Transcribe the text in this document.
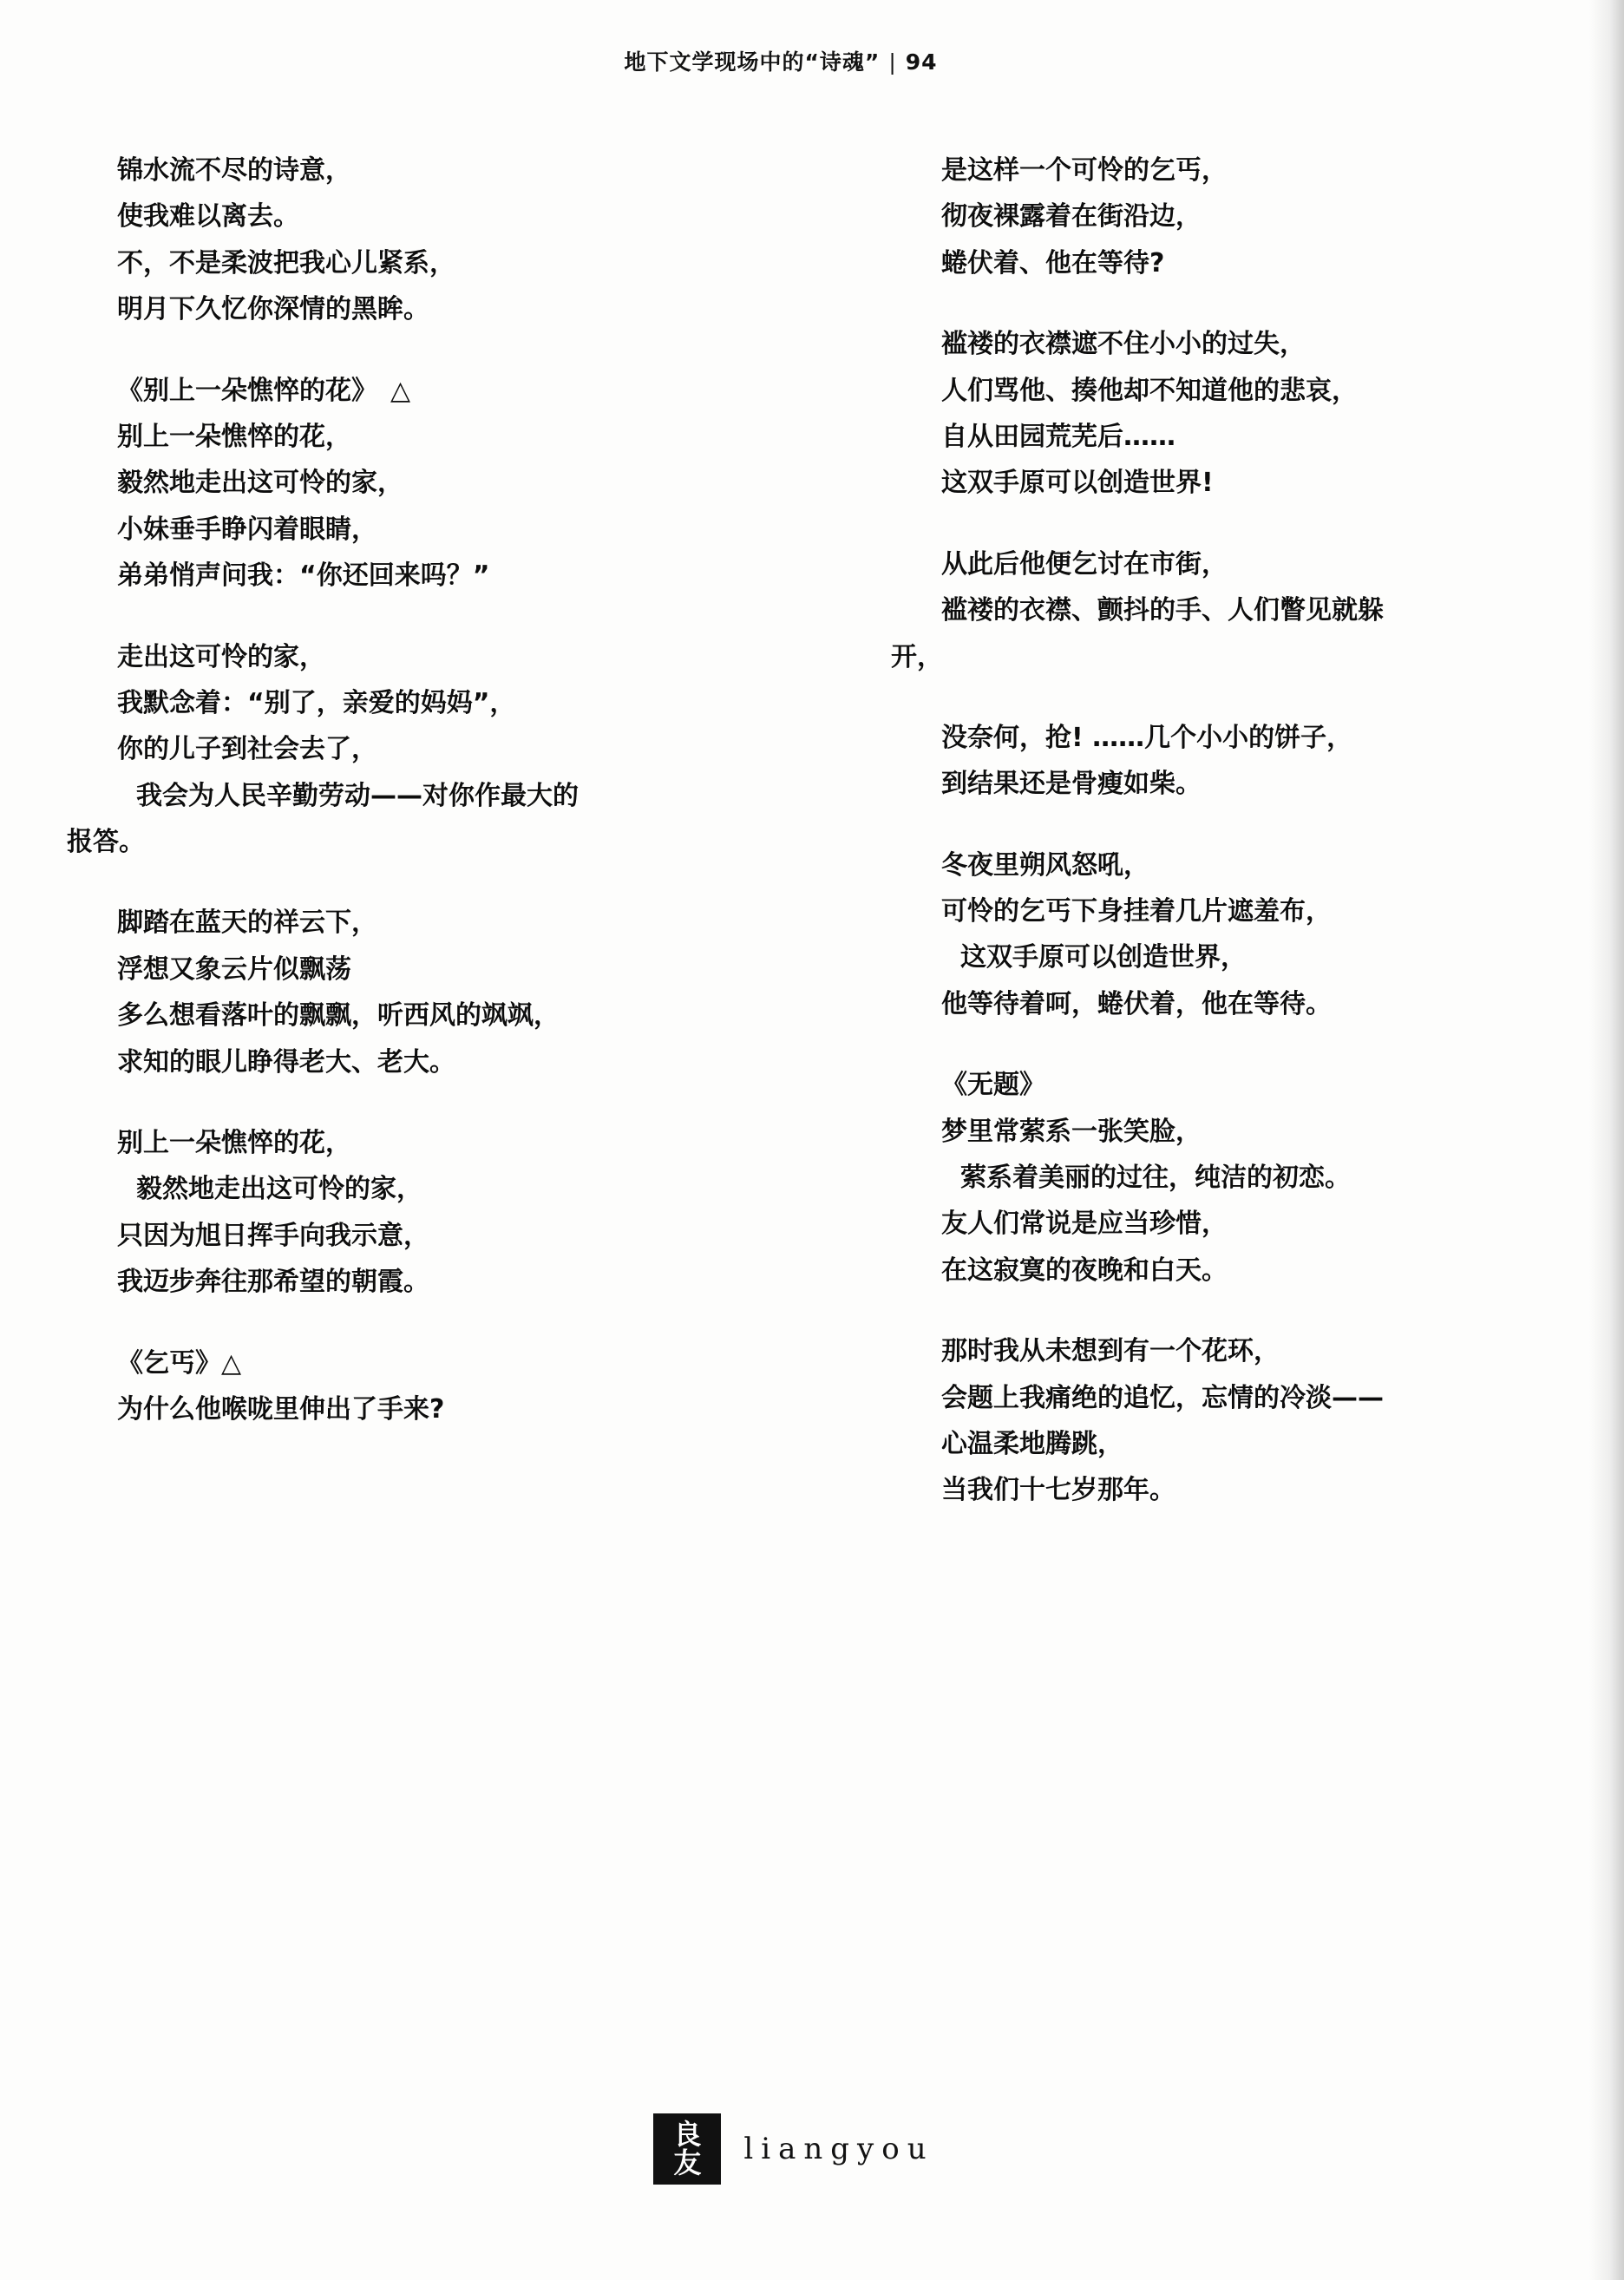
地下文学现场中的“诗魂” | 94
锦水流不尽的诗意，
使我难以离去。
不，不是柔波把我心儿紧系，
明月下久忆你深情的黑眸。
《别上一朵憔悴的花》　△
别上一朵憔悴的花，
毅然地走出这可怜的家，
小妹垂手睁闪着眼睛，
弟弟悄声问我：“你还回来吗？”
走出这可怜的家，
我默念着：“别了，亲爱的妈妈”，
你的儿子到社会去了，
我会为人民辛勤劳动——对你作最大的
报答。
脚踏在蓝天的祥云下，
浮想又象云片似飘荡
多么想看落叶的飘飘，听西风的飒飒，
求知的眼儿睁得老大、老大。
别上一朵憔悴的花，
毅然地走出这可怜的家，
只因为旭日挥手向我示意，
我迈步奔往那希望的朝霞。
《乞丐》△
为什么他喉咙里伸出了手来?
是这样一个可怜的乞丐，
彻夜裸露着在街沿边，
蜷伏着、他在等待?
褴褛的衣襟遮不住小小的过失，
人们骂他、揍他却不知道他的悲哀，
自从田园荒芜后……
这双手原可以创造世界!
从此后他便乞讨在市街，
褴褛的衣襟、颤抖的手、人们瞥见就躲
开，
没奈何，抢! ……几个小小的饼子，
到结果还是骨瘦如柴。
冬夜里朔风怒吼，
可怜的乞丐下身挂着几片遮羞布，
这双手原可以创造世界，
他等待着呵，蜷伏着，他在等待。
《无题》
梦里常萦系一张笑脸，
萦系着美丽的过往，纯洁的初恋。
友人们常说是应当珍惜，
在这寂寞的夜晚和白天。
那时我从未想到有一个花环，
会题上我痛绝的追忆，忘情的冷淡——
心温柔地腾跳，
当我们十七岁那年。
良
友 liangyou
